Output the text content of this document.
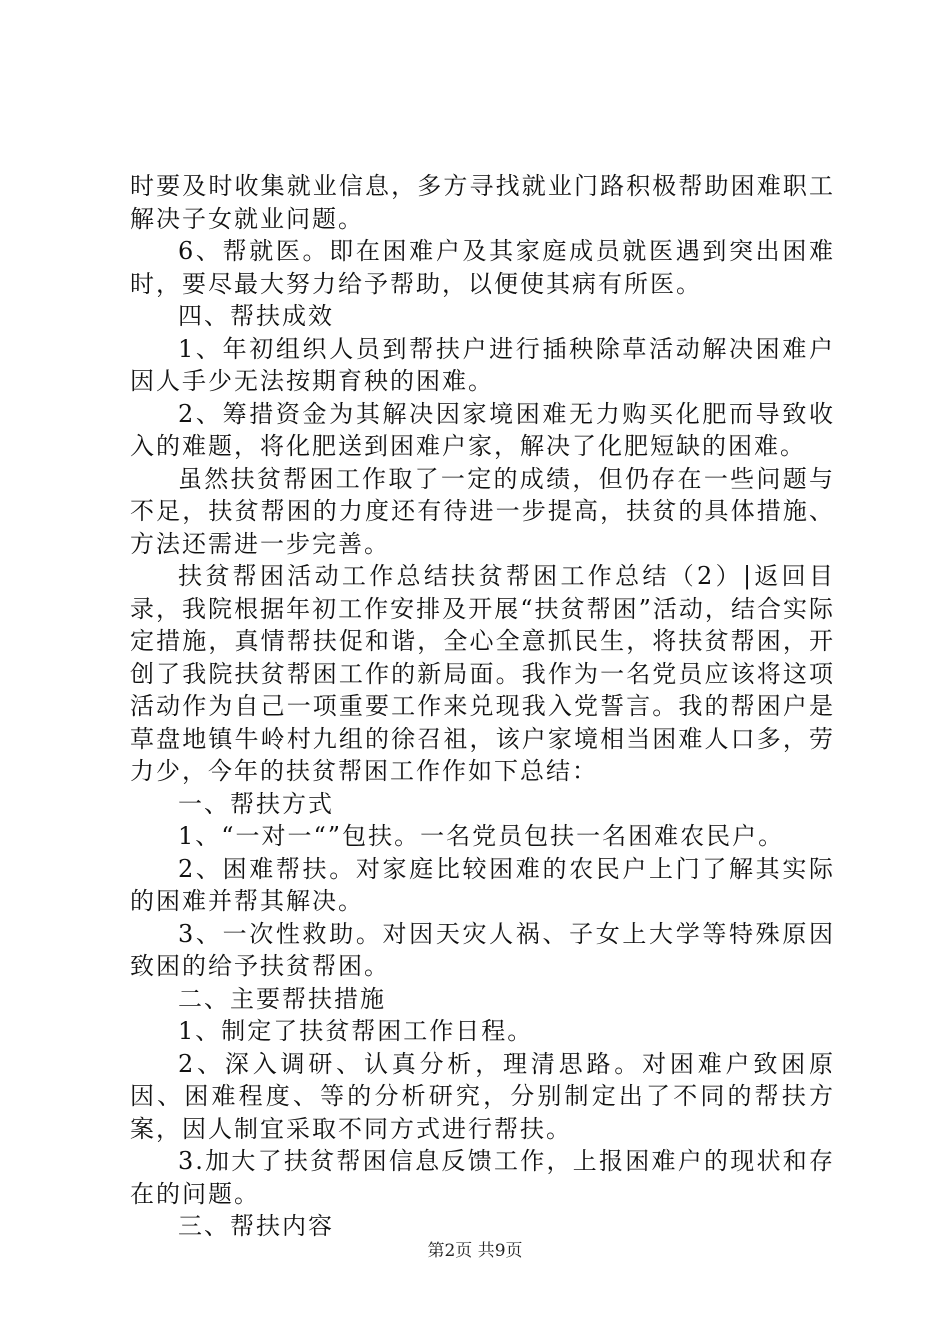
时要及时收集就业信息，多方寻找就业门路积极帮助困难职工解决子女就业问题。

6、帮就医。即在困难户及其家庭成员就医遇到突出困难时，要尽最大努力给予帮助，以便使其病有所医。

四、帮扶成效

1、年初组织人员到帮扶户进行插秧除草活动解决困难户因人手少无法按期育秧的困难。

2、筹措资金为其解决因家境困难无力购买化肥而导致收入的难题，将化肥送到困难户家，解决了化肥短缺的困难。

虽然扶贫帮困工作取了一定的成绩，但仍存在一些问题与不足，扶贫帮困的力度还有待进一步提高，扶贫的具体措施、方法还需进一步完善。

扶贫帮困活动工作总结扶贫帮困工作总结（2）|返回目录，我院根据年初工作安排及开展“扶贫帮困”活动，结合实际定措施，真情帮扶促和谐，全心全意抓民生，将扶贫帮困，开创了我院扶贫帮困工作的新局面。我作为一名党员应该将这项活动作为自己一项重要工作来兑现我入党誓言。我的帮困户是草盘地镇牛岭村九组的徐召祖，该户家境相当困难人口多，劳力少，今年的扶贫帮困工作作如下总结：

一、帮扶方式

1、“一对一“”包扶。一名党员包扶一名困难农民户。

2、困难帮扶。对家庭比较困难的农民户上门了解其实际的困难并帮其解决。

3、一次性救助。对因天灾人祸、子女上大学等特殊原因致困的给予扶贫帮困。

二、主要帮扶措施

1、制定了扶贫帮困工作日程。

2、深入调研、认真分析，理清思路。对困难户致困原因、困难程度、等的分析研究，分别制定出了不同的帮扶方案，因人制宜采取不同方式进行帮扶。

3.加大了扶贫帮困信息反馈工作，上报困难户的现状和存在的问题。

三、帮扶内容

第2页 共9页
